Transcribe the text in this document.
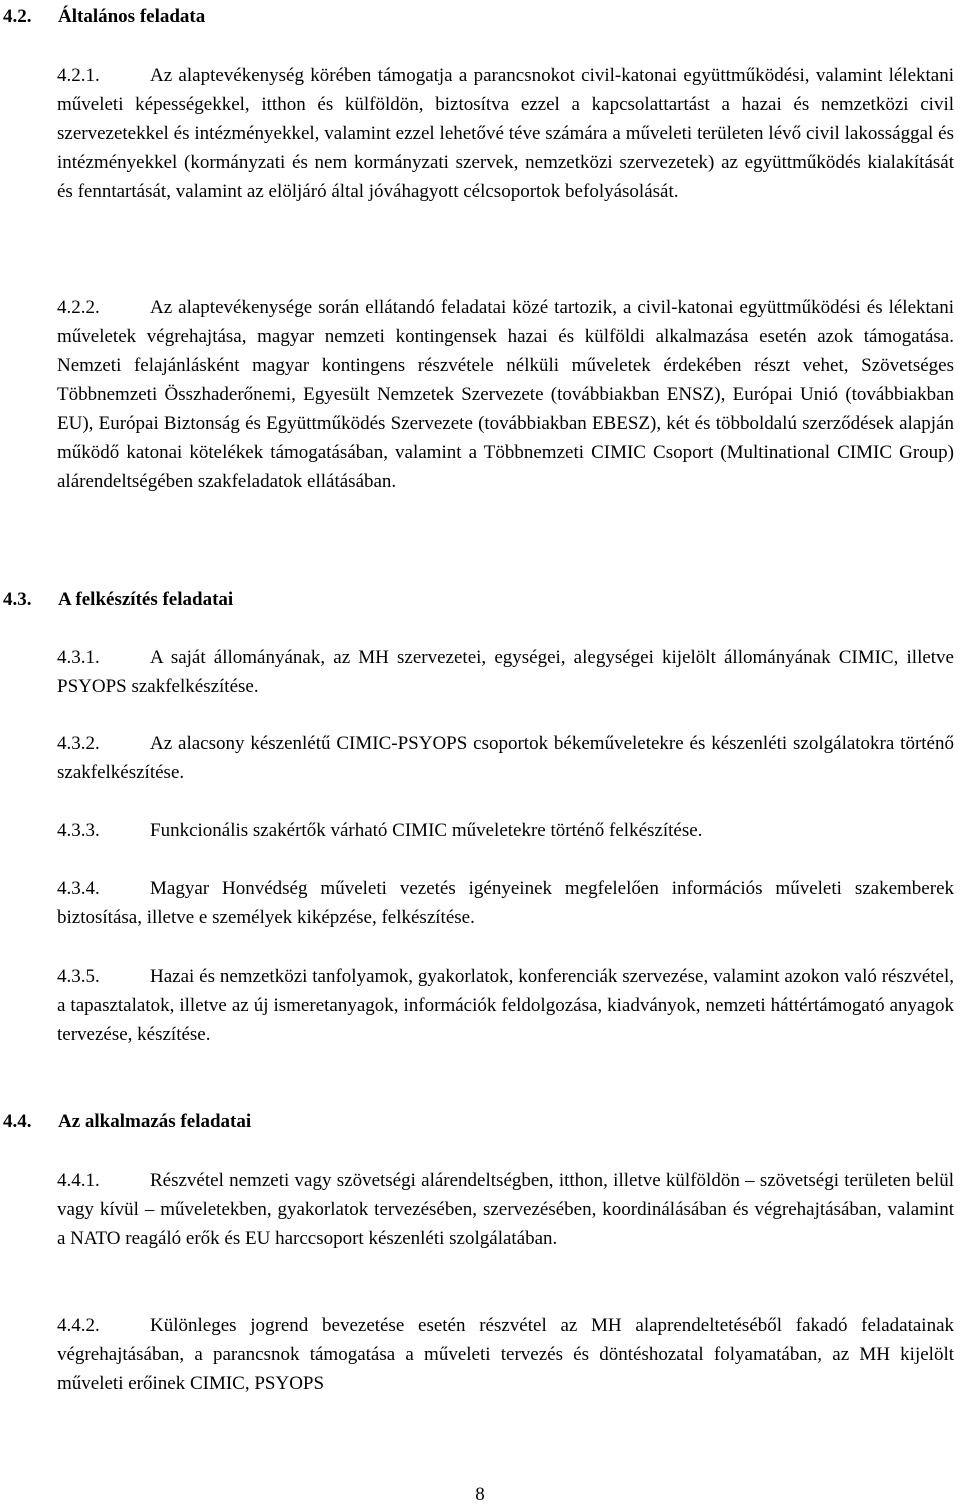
4.2. Általános feladata

4.2.1.	Az alaptevékenység körében támogatja a parancsnokot civil-katonai együttműködési, valamint lélektani műveleti képességekkel, itthon és külföldön, biztosítva ezzel a kapcsolattartást a hazai és nemzetközi civil szervezetekkel és intézményekkel, valamint ezzel lehetővé téve számára a műveleti területen lévő civil lakossággal és intézményekkel (kormányzati és nem kormányzati szervek, nemzetközi szervezetek) az együttműködés kialakítását és fenntartását, valamint az elöljáró által jóváhagyott célcsoportok befolyásolását.

4.2.2.	Az alaptevékenysége során ellátandó feladatai közé tartozik, a civil-katonai együttműködési és lélektani műveletek végrehajtása, magyar nemzeti kontingensek hazai és külföldi alkalmazása esetén azok támogatása. Nemzeti felajánlásként magyar kontingens részvétele nélküli műveletek érdekében részt vehet, Szövetséges Többnemzeti Összhaderőnemi, Egyesült Nemzetek Szervezete (továbbiakban ENSZ), Európai Unió (továbbiakban EU), Európai Biztonság és Együttműködés Szervezete (továbbiakban EBESZ), két és többoldalú szerződések alapján működő katonai kötelékek támogatásában, valamint a Többnemzeti CIMIC Csoport (Multinational CIMIC Group) alárendeltségében szakfeladatok ellátásában.

4.3. A felkészítés feladatai

4.3.1.	A saját állományának, az MH szervezetei, egységei, alegységei kijelölt állományának CIMIC, illetve PSYOPS szakfelkészítése.

4.3.2.	Az alacsony készenlétű CIMIC-PSYOPS csoportok békeműveletekre és készenléti szolgálatokra történő szakfelkészítése.

4.3.3.	Funkcionális szakértők várható CIMIC műveletekre történő felkészítése.

4.3.4.	Magyar Honvédség műveleti vezetés igényeinek megfelelően információs műveleti szakemberek biztosítása, illetve e személyek kiképzése, felkészítése.

4.3.5.	Hazai és nemzetközi tanfolyamok, gyakorlatok, konferenciák szervezése, valamint azokon való részvétel, a tapasztalatok, illetve az új ismeretanyagok, információk feldolgozása, kiadványok, nemzeti háttértámogató anyagok tervezése, készítése.

4.4. Az alkalmazás feladatai

4.4.1.	Részvétel nemzeti vagy szövetségi alárendeltségben, itthon, illetve külföldön – szövetségi területen belül vagy kívül – műveletekben, gyakorlatok tervezésében, szervezésében, koordinálásában és végrehajtásában, valamint a NATO reagáló erők és EU harccsoport készenléti szolgálatában.

4.4.2.	Különleges jogrend bevezetése esetén részvétel az MH alaprendeltetéséből fakadó feladatainak végrehajtásában, a parancsnok támogatása a műveleti tervezés és döntéshozatal folyamatában, az MH kijelölt műveleti erőinek CIMIC, PSYOPS

8
